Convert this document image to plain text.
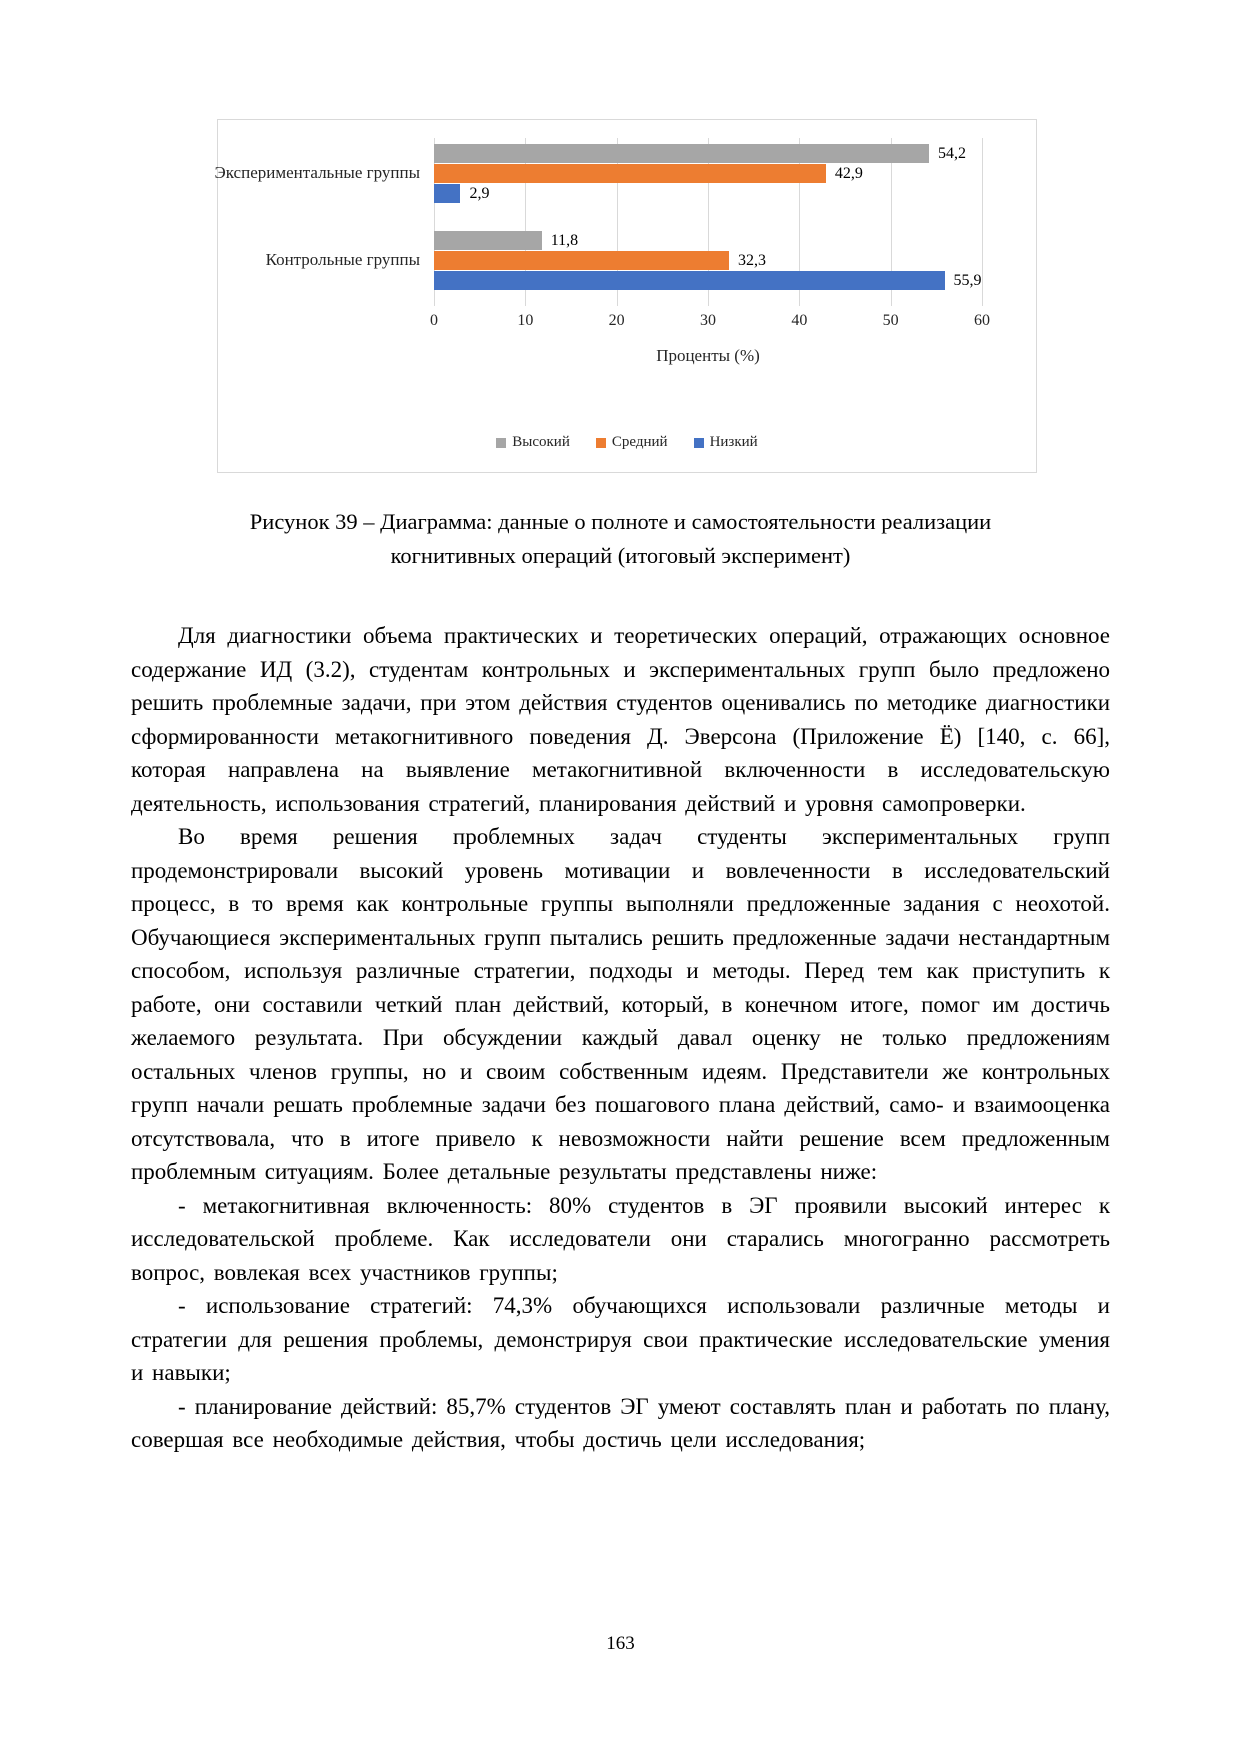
Экспериментальные группы
Контрольные группы
54,2
11,8
42,9
32,3
2,9
55,9
0	10	20	30	40	50	60
Проценты (%)
Высокий	Средний	Низкий
Рисунок 39 – Диаграмма: данные о полноте и самостоятельности реализации
когнитивных операций (итоговый эксперимент)

Для диагностики объема практических и теоретических операций, отражающих основное содержание ИД (3.2), студентам контрольных и экспериментальных групп было предложено решить проблемные задачи, при этом действия студентов оценивались по методике диагностики сформированности метакогнитивного поведения Д. Эверсона (Приложение Ё) [140, с. 66], которая направлена на выявление метакогнитивной включенности в исследовательскую деятельность, использования стратегий, планирования действий и уровня самопроверки.

Во время решения проблемных задач студенты экспериментальных групп продемонстрировали высокий уровень мотивации и вовлеченности в исследовательский процесс, в то время как контрольные группы выполняли предложенные задания с неохотой. Обучающиеся экспериментальных групп пытались решить предложенные задачи нестандартным способом, используя различные стратегии, подходы и методы. Перед тем как приступить к работе, они составили четкий план действий, который, в конечном итоге, помог им достичь желаемого результата. При обсуждении каждый давал оценку не только предложениям остальных членов группы, но и своим собственным идеям. Представители же контрольных групп начали решать проблемные задачи без пошагового плана действий, само- и взаимооценка отсутствовала, что в итоге привело к невозможности найти решение всем предложенным проблемным ситуациям. Более детальные результаты представлены ниже:

- метакогнитивная включенность: 80% студентов в ЭГ проявили высокий интерес к исследовательской проблеме. Как исследователи они старались многогранно рассмотреть вопрос, вовлекая всех участников группы;

- использование стратегий: 74,3% обучающихся использовали различные методы и стратегии для решения проблемы, демонстрируя свои практические исследовательские умения и навыки;

- планирование действий: 85,7% студентов ЭГ умеют составлять план и работать по плану, совершая все необходимые действия, чтобы достичь цели исследования;

163
